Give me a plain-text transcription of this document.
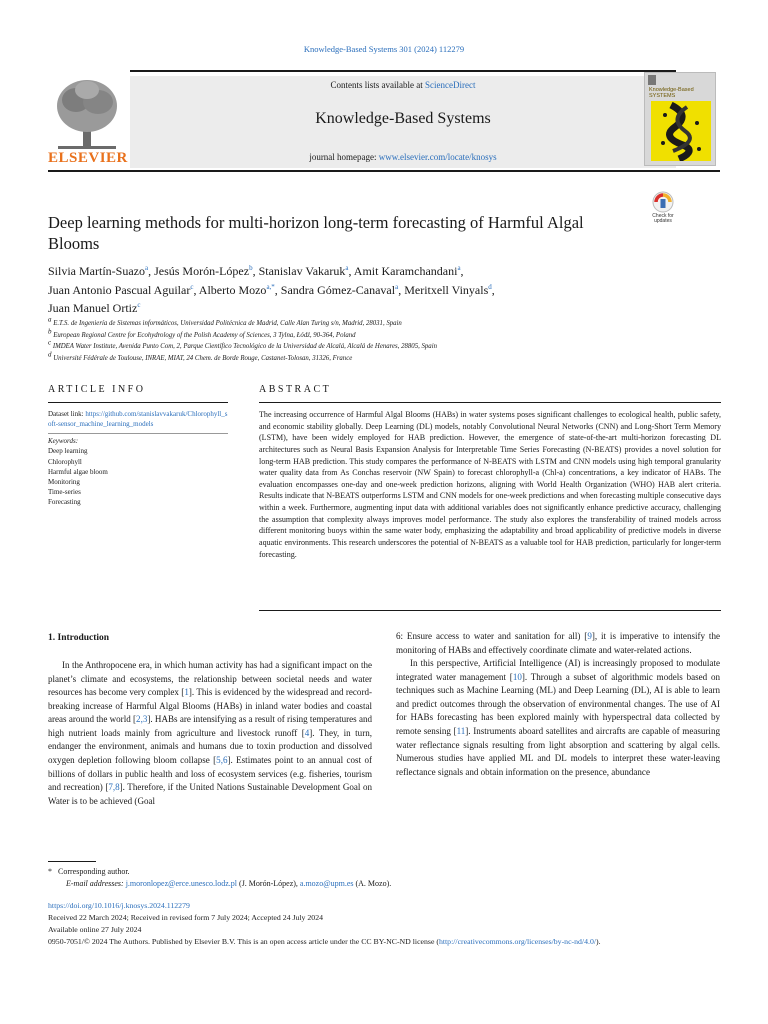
Knowledge-Based Systems 301 (2024) 112279
ELSEVIER
Contents lists available at ScienceDirect
Knowledge-Based Systems
journal homepage: www.elsevier.com/locate/knosys
Knowledge-Based SYSTEMS
Check for updates
Deep learning methods for multi-horizon long-term forecasting of Harmful Algal Blooms
Silvia Martín-Suazo$^a$, Jesús Morón-López$^b$, Stanislav Vakaruk$^a$, Amit Karamchandani$^a$,
Juan Antonio Pascual Aguilar$^c$, Alberto Mozo$^{a,*}$, Sandra Gómez-Canaval$^a$, Meritxell Vinyals$^d$,
Juan Manuel Ortiz$^c$
$^a$ E.T.S. de Ingeniería de Sistemas informáticos, Universidad Politécnica de Madrid, Calle Alan Turing s/n, Madrid, 28031, Spain
$^b$ European Regional Centre for Ecohydrology of the Polish Academy of Sciences, 3 Tylna, Łódź, 90-364, Poland
$^c$ IMDEA Water Institute, Avenida Punto Com, 2, Parque Científico Tecnológico de la Universidad de Alcalá, Alcalá de Henares, 28805, Spain
$^d$ Université Fédérale de Toulouse, INRAE, MIAT, 24 Chem. de Borde Rouge, Castanet-Tolosan, 31326, France
ARTICLE INFO	ABSTRACT
Dataset link: https://github.com/stanislavvakaruk/Chlorophyll_soft-sensor_machine_learning_models
Keywords:
Deep learning
Chlorophyll
Harmful algae bloom
Monitoring
Time-series
Forecasting
The increasing occurrence of Harmful Algal Blooms (HABs) in water systems poses significant challenges to ecological health, public safety, and economic stability globally. Deep Learning (DL) models, notably Convolutional Neural Networks (CNN) and Long-Short Term Memory (LSTM), have been widely employed for HAB prediction. However, the emergence of state-of-the-art multi-horizon forecasting DL architectures such as Neural Basis Expansion Analysis for Interpretable Time Series Forecasting (N-BEATS) provides a novel solution for long-term HAB prediction. This study compares the performance of N-BEATS with LSTM and CNN models using high temporal granularity water quality data from As Conchas reservoir (NW Spain) to forecast chlorophyll-a (Chl-a) concentrations, a key indicator of HABs. The evaluation encompasses one-day and one-week prediction horizons, aligning with World Health Organization (WHO) HAB alert criteria. Results indicate that N-BEATS outperforms LSTM and CNN models for one-week predictions and when forecasting multiple consecutive days within a week. Furthermore, augmenting input data with additional variables does not significantly enhance predictive accuracy, challenging the assumption that complexity always improves model performance. The study also explores the transferability of trained models across different monitoring buoys within the same water body, emphasizing the adaptability and broad applicability of predictive models in diverse aquatic environments. This research underscores the potential of N-BEATS as a valuable tool for HAB prediction, particularly for longer-term forecasting.
1. Introduction

In the Anthropocene era, in which human activity has had a significant impact on the planet’s climate and ecosystems, the relationship between societal needs and water resources has become very complex [1]. This is evidenced by the widespread and record-breaking increase of Harmful Algal Blooms (HABs) in inland water bodies and coastal areas around the world [2,3]. HABs are intensifying as a result of rising temperatures and high nutrient loads mainly from agriculture and livestock runoff [4]. They, in turn, endanger the environment, animals and humans due to toxin production and dissolved oxygen depletion following bloom collapse [5,6]. Estimates point to an annual cost of billions of dollars in public health and loss of ecosystem services (e.g. fisheries, tourism and recreation) [7,8]. Therefore, if the United Nations Sustainable Development Goal on Water is to be achieved (Goal

6: Ensure access to water and sanitation for all) [9], it is imperative to intensify the monitoring of HABs and effectively coordinate climate and water-related actions.

In this perspective, Artificial Intelligence (AI) is increasingly proposed to modulate integrated water management [10]. Through a subset of algorithmic models based on techniques such as Machine Learning (ML) and Deep Learning (DL), AI is able to learn and predict outcomes through the observation of environmental changes. The use of AI for HABs forecasting has been explored mainly with hyperspectral data collected by remote sensing [11]. Instruments aboard satellites and aircrafts are capable of measuring water reflectance signals resulting from light absorption and scattering by algal cells. Numerous studies have applied ML and DL models to interpret these water-leaving reflectance signals and obtain information on the presence, abundance

* Corresponding author.
E-mail addresses: j.moronlopez@erce.unesco.lodz.pl (J. Morón-López), a.mozo@upm.es (A. Mozo).
https://doi.org/10.1016/j.knosys.2024.112279
Received 22 March 2024; Received in revised form 7 July 2024; Accepted 24 July 2024
Available online 27 July 2024
0950-7051/© 2024 The Authors. Published by Elsevier B.V. This is an open access article under the CC BY-NC-ND license (http://creativecommons.org/licenses/by-nc-nd/4.0/).
